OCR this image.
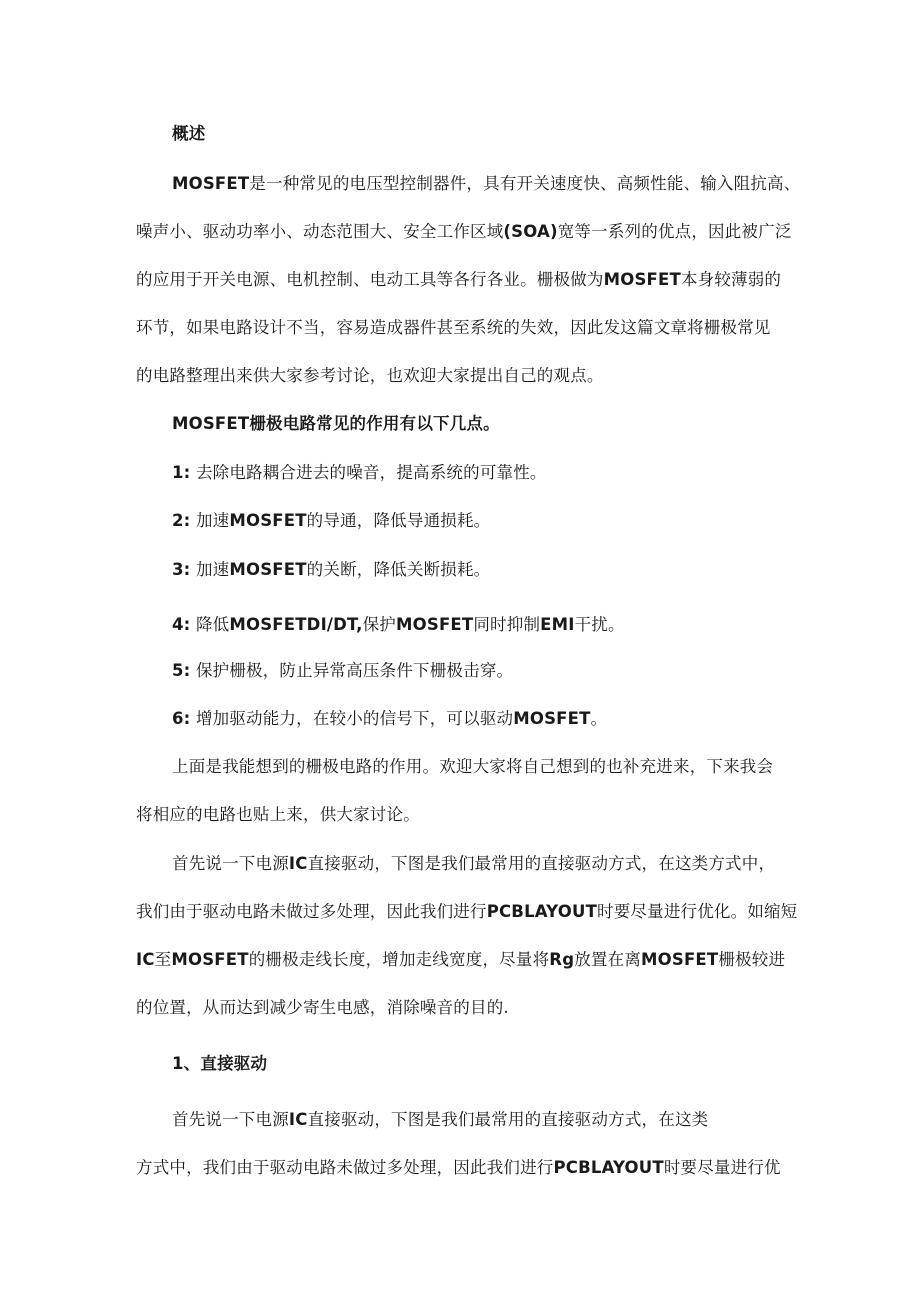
概述
MOSFET是一种常见的电压型控制器件，具有开关速度快、高频性能、输入阻抗高、
噪声小、驱动功率小、动态范围大、安全工作区域(SOA)宽等一系列的优点，因此被广泛
的应用于开关电源、电机控制、电动工具等各行各业。栅极做为MOSFET本身较薄弱的
环节，如果电路设计不当，容易造成器件甚至系统的失效，因此发这篇文章将栅极常见
的电路整理出来供大家参考讨论，也欢迎大家提出自己的观点。
MOSFET栅极电路常见的作用有以下几点。
1: 去除电路耦合进去的噪音，提高系统的可靠性。
2: 加速MOSFET的导通，降低导通损耗。
3: 加速MOSFET的关断，降低关断损耗。
4: 降低MOSFETDI/DT,保护MOSFET同时抑制EMI干扰。
5: 保护栅极，防止异常高压条件下栅极击穿。
6: 增加驱动能力，在较小的信号下，可以驱动MOSFET。
上面是我能想到的栅极电路的作用。欢迎大家将自己想到的也补充进来，下来我会
将相应的电路也贴上来，供大家讨论。
首先说一下电源IC直接驱动，下图是我们最常用的直接驱动方式，在这类方式中，
我们由于驱动电路未做过多处理，因此我们进行PCBLAYOUT时要尽量进行优化。如缩短
IC至MOSFET的栅极走线长度，增加走线宽度，尽量将Rg放置在离MOSFET栅极较进
的位置，从而达到减少寄生电感，消除噪音的目的.
1、直接驱动
首先说一下电源IC直接驱动，下图是我们最常用的直接驱动方式，在这类
方式中，我们由于驱动电路未做过多处理，因此我们进行PCBLAYOUT时要尽量进行优
